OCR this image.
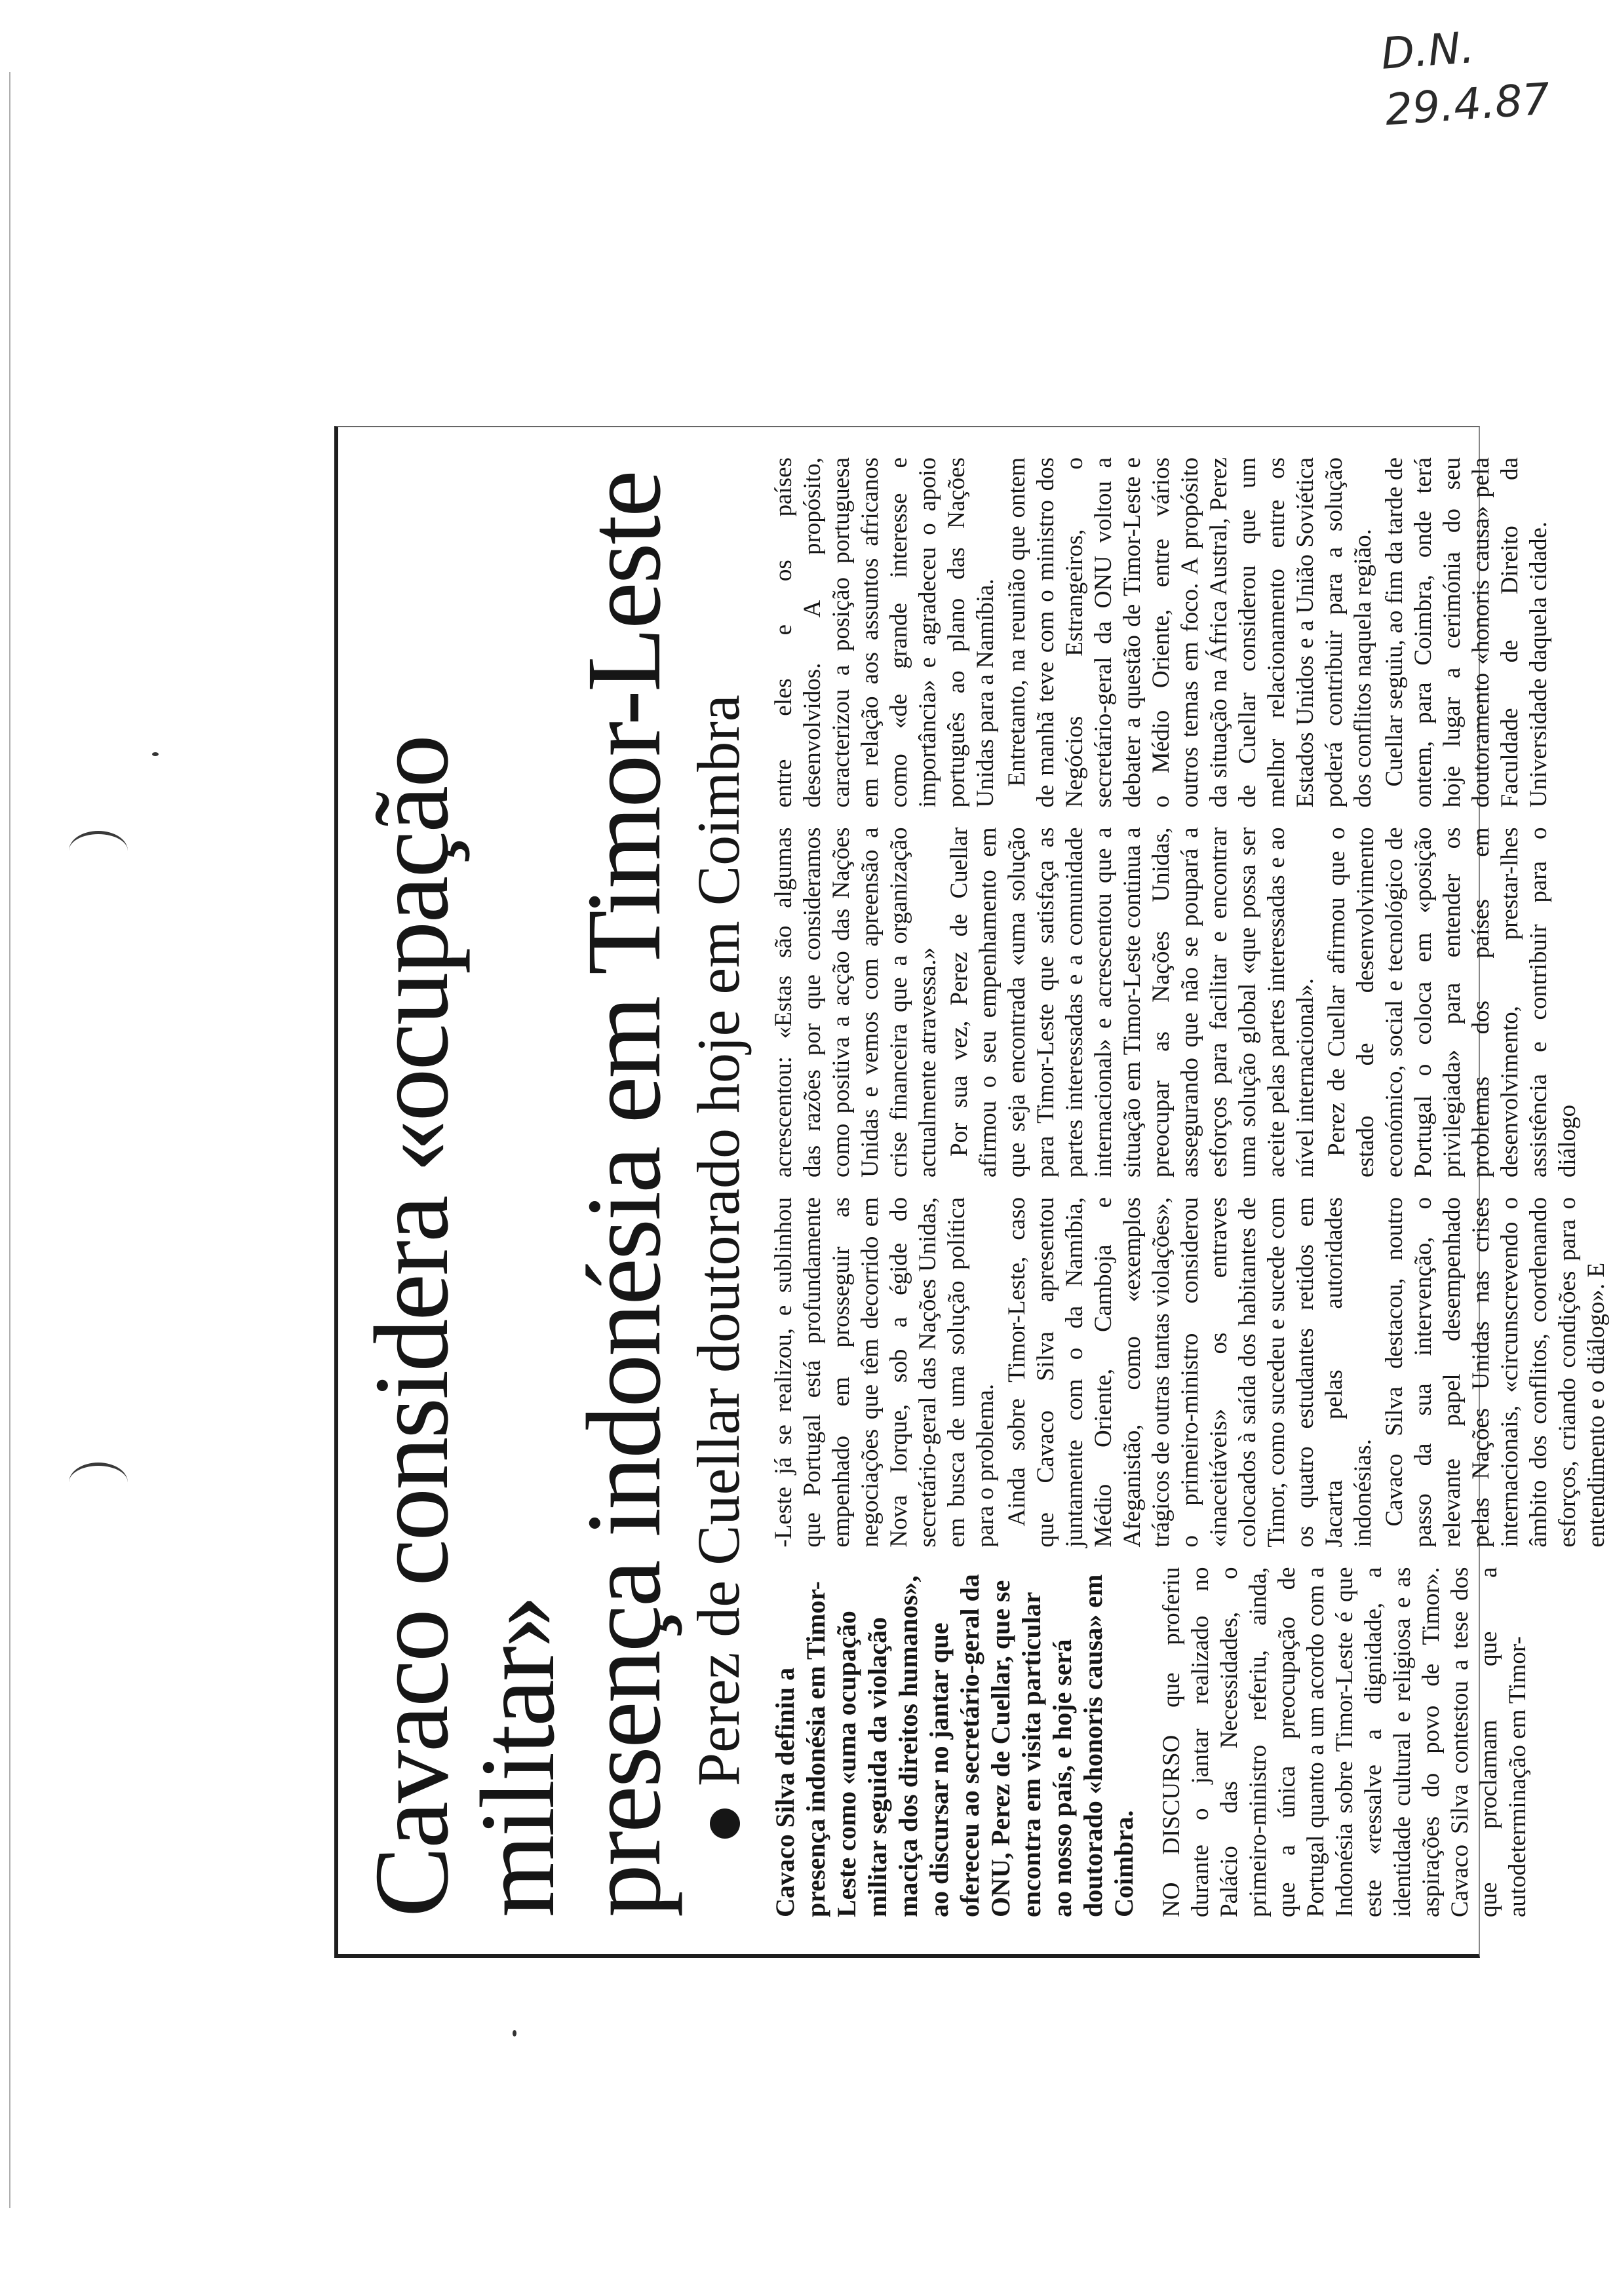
D.N.
29.4.87
Cavaco considera «ocupação militar»
presença indonésia em Timor-Leste Perez de Cuellar doutorado hoje em Coimbra

Cavaco Silva definiu a presença indonésia em Timor-Leste como «uma ocupação militar seguida da violação maciça dos direitos humanos», ao discursar no jantar que ofereceu ao secretário-geral da ONU, Perez de Cuellar, que se encontra em visita particular ao nosso país, e hoje será doutorado «honoris causa» em Coimbra. NO DISCURSO que proferiu durante o jantar realizado no Palácio das Necessidades, o primeiro-ministro referiu, ainda, que a única preocupação de Portugal quanto a um acordo com a Indonésia sobre Timor-Leste é que este «ressalve a dignidade, a identidade cultural e religiosa e as aspirações do povo de Timor». Cavaco Silva contestou a tese dos que proclamam que a autodeterminação em Timor-

-Leste já se realizou, e sublinhou que Portugal está profundamente empenhado em prosseguir as negociações que têm decorrido em Nova Iorque, sob a égide do secretário-geral das Nações Unidas, em busca de uma solução política para o problema. Ainda sobre Timor-Leste, caso que Cavaco Silva apresentou juntamente com o da Namíbia, Médio Oriente, Camboja e Afeganistão, como «exemplos trágicos de outras tantas violações», o primeiro-ministro considerou «inaceitáveis» os entraves colocados à saída dos habitantes de Timor, como sucedeu e sucede com os quatro estudantes retidos em Jacarta pelas autoridades indonésias. Cavaco Silva destacou, noutro passo da sua intervenção, o relevante papel desempenhado pelas Nações Unidas nas crises internacionais, «circunscrevendo o âmbito dos conflitos, coordenando esforços, criando condições para o entendimento e o diálogo». E

acrescentou: «Estas são algumas das razões por que consideramos como positiva a acção das Nações Unidas e vemos com apreensão a crise financeira que a organização actualmente atravessa.» Por sua vez, Perez de Cuellar afirmou o seu empenhamento em que seja encontrada «uma solução para Timor-Leste que satisfaça as partes interessadas e a comunidade internacional» e acrescentou que a situação em Timor-Leste continua a preocupar as Nações Unidas, assegurando que não se poupará a esforços para facilitar e encontrar uma solução global «que possa ser aceite pelas partes interessadas e ao nível internacional». Perez de Cuellar afirmou que o estado de desenvolvimento económico, social e tecnológico de Portugal o coloca em «posição privilegiada» para entender os problemas dos países em desenvolvimento, prestar-lhes assistência e contribuir para o diálogo

entre eles e os países desenvolvidos. A propósito, caracterizou a posição portuguesa em relação aos assuntos africanos como «de grande interesse e importância» e agradeceu o apoio português ao plano das Nações Unidas para a Namíbia. Entretanto, na reunião que ontem de manhã teve com o ministro dos Negócios Estrangeiros, o secretário-geral da ONU voltou a debater a questão de Timor-Leste e o Médio Oriente, entre vários outros temas em foco. A propósito da situação na África Austral, Perez de Cuellar considerou que um melhor relacionamento entre os Estados Unidos e a União Soviética poderá contribuir para a solução dos conflitos naquela região. Cuellar seguiu, ao fim da tarde de ontem, para Coimbra, onde terá hoje lugar a cerimónia do seu doutoramento «honoris causa» pela Faculdade de Direito da Universidade daquela cidade.
